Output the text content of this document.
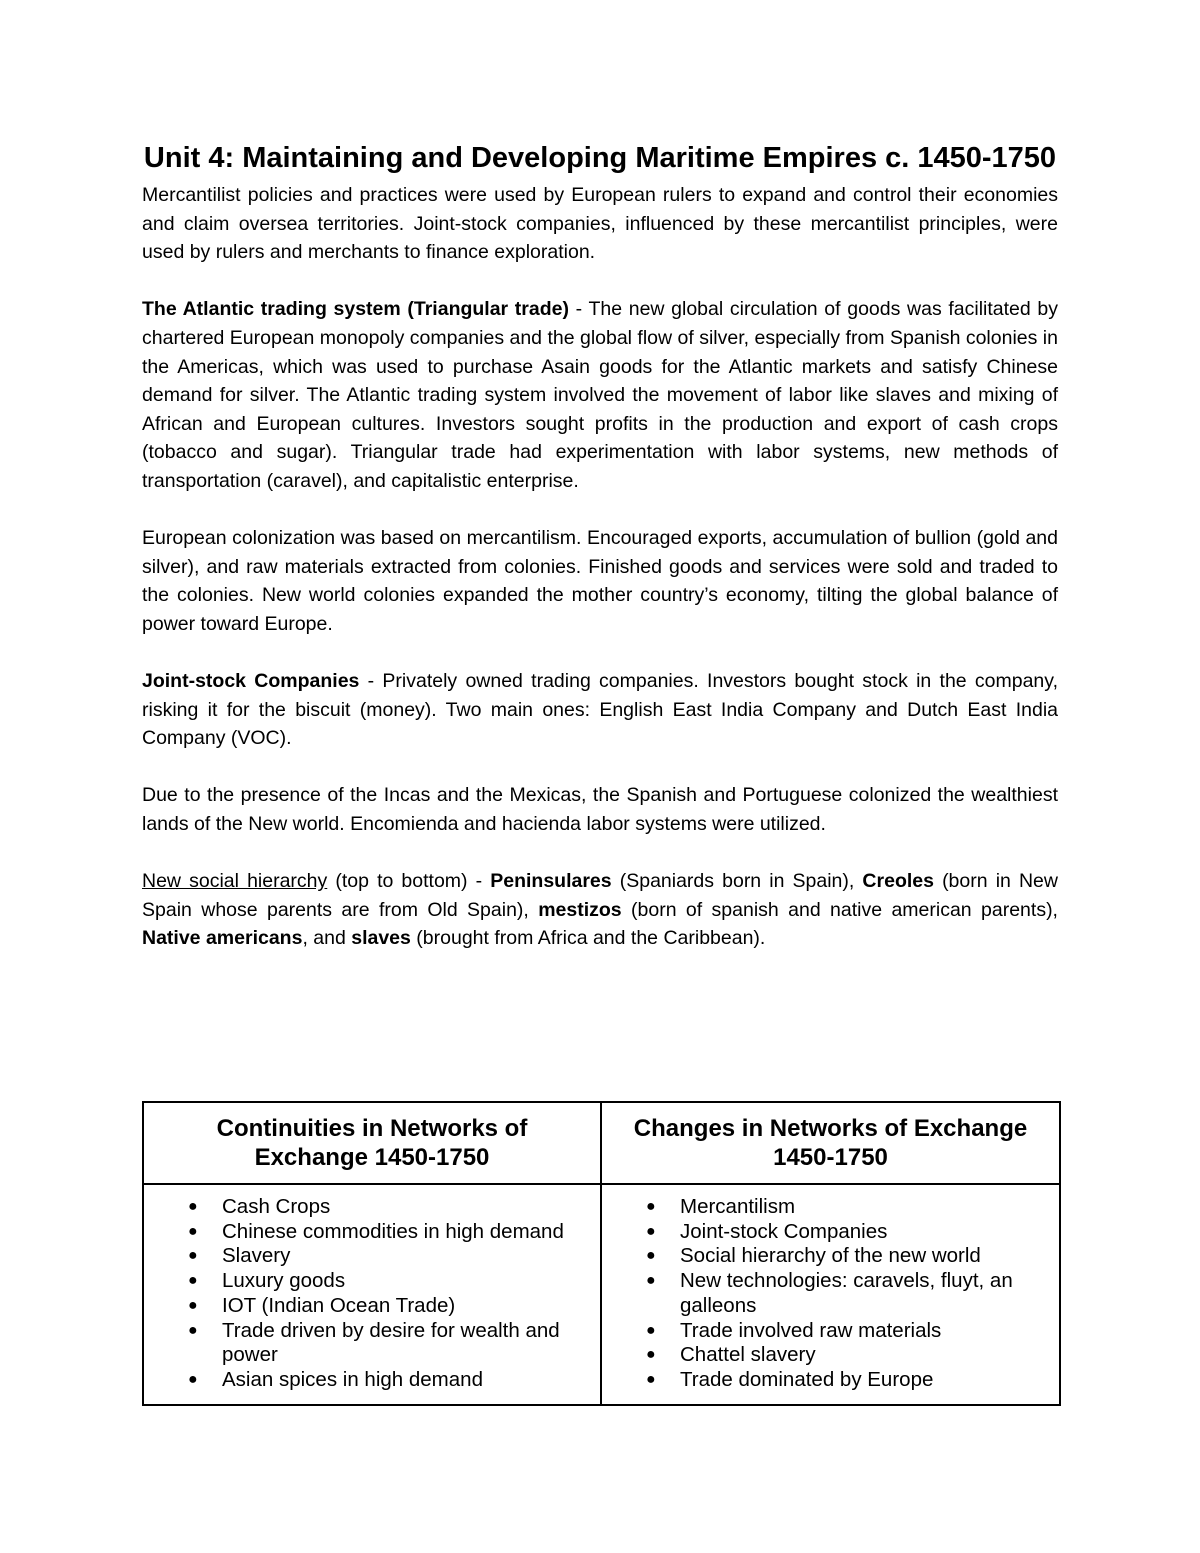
Unit 4: Maintaining and Developing Maritime Empires c. 1450-1750

Mercantilist policies and practices were used by European rulers to expand and control their economies and claim oversea territories. Joint-stock companies, influenced by these mercantilist principles, were used by rulers and merchants to finance exploration.

The Atlantic trading system (Triangular trade) - The new global circulation of goods was facilitated by chartered European monopoly companies and the global flow of silver, especially from Spanish colonies in the Americas, which was used to purchase Asain goods for the Atlantic markets and satisfy Chinese demand for silver. The Atlantic trading system involved the movement of labor like slaves and mixing of African and European cultures. Investors sought profits in the production and export of cash crops (tobacco and sugar). Triangular trade had experimentation with labor systems, new methods of transportation (caravel), and capitalistic enterprise.

European colonization was based on mercantilism. Encouraged exports, accumulation of bullion (gold and silver), and raw materials extracted from colonies. Finished goods and services were sold and traded to the colonies. New world colonies expanded the mother country’s economy, tilting the global balance of power toward Europe.

Joint-stock Companies - Privately owned trading companies. Investors bought stock in the company, risking it for the biscuit (money). Two main ones: English East India Company and Dutch East India Company (VOC).

Due to the presence of the Incas and the Mexicas, the Spanish and Portuguese colonized the wealthiest lands of the New world. Encomienda and hacienda labor systems were utilized.

New social hierarchy (top to bottom) - Peninsulares (Spaniards born in Spain), Creoles (born in New Spain whose parents are from Old Spain), mestizos (born of spanish and native american parents), Native americans, and slaves (brought from Africa and the Caribbean).

Continuities in Networks of Exchange 1450-1750
Changes in Networks of Exchange 1450-1750
● Cash Crops
● Chinese commodities in high demand
● Slavery
● Luxury goods
● IOT (Indian Ocean Trade)
● Trade driven by desire for wealth and power
● Asian spices in high demand
● Mercantilism
● Joint-stock Companies
● Social hierarchy of the new world
● New technologies: caravels, fluyt, an galleons
● Trade involved raw materials
● Chattel slavery
● Trade dominated by Europe
